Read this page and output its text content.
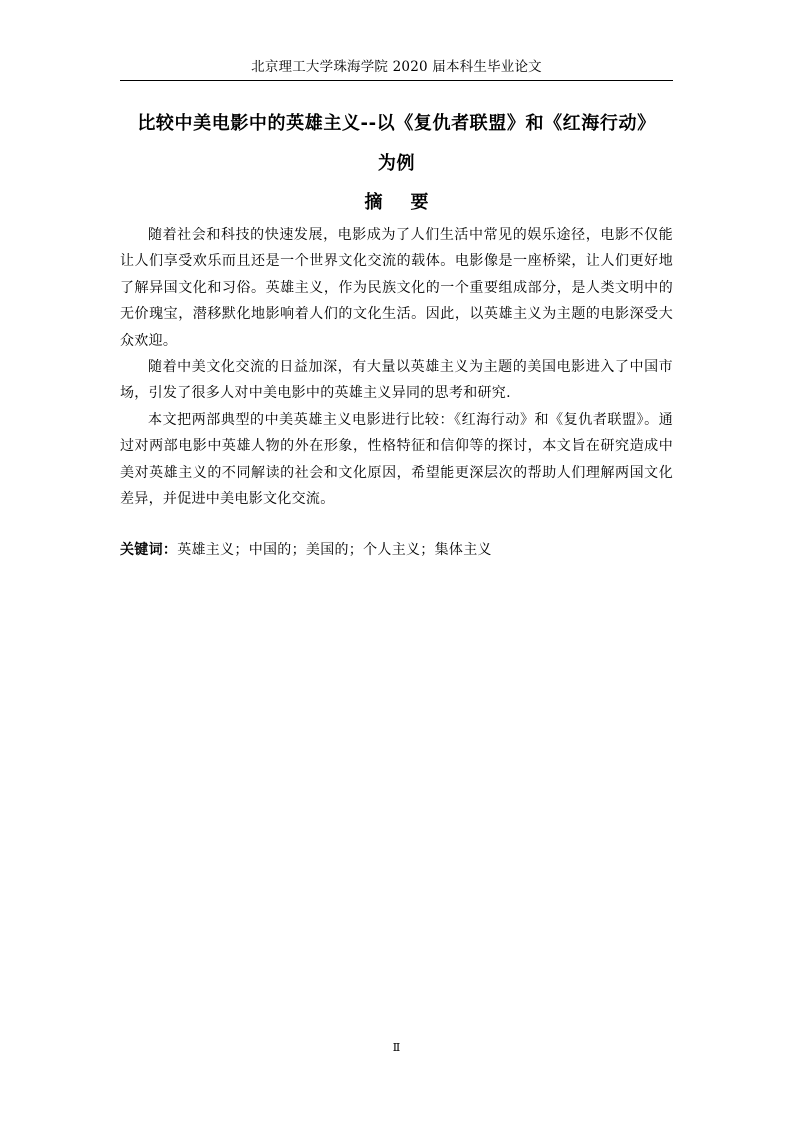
北京理工大学珠海学院 2020 届本科生毕业论文
比较中美电影中的英雄主义--以《复仇者联盟》和《红海行动》
为例
摘 要

随着社会和科技的快速发展，电影成为了人们生活中常见的娱乐途径，电影不仅能让人们享受欢乐而且还是一个世界文化交流的载体。电影像是一座桥梁，让人们更好地了解异国文化和习俗。英雄主义，作为民族文化的一个重要组成部分，是人类文明中的无价瑰宝，潜移默化地影响着人们的文化生活。因此，以英雄主义为主题的电影深受大众欢迎。

随着中美文化交流的日益加深，有大量以英雄主义为主题的美国电影进入了中国市场，引发了很多人对中美电影中的英雄主义异同的思考和研究.

本文把两部典型的中美英雄主义电影进行比较：《红海行动》和《复仇者联盟》。通过对两部电影中英雄人物的外在形象，性格特征和信仰等的探讨，本文旨在研究造成中美对英雄主义的不同解读的社会和文化原因，希望能更深层次的帮助人们理解两国文化差异，并促进中美电影文化交流。

关键词：英雄主义；中国的；美国的；个人主义；集体主义
Ⅱ
